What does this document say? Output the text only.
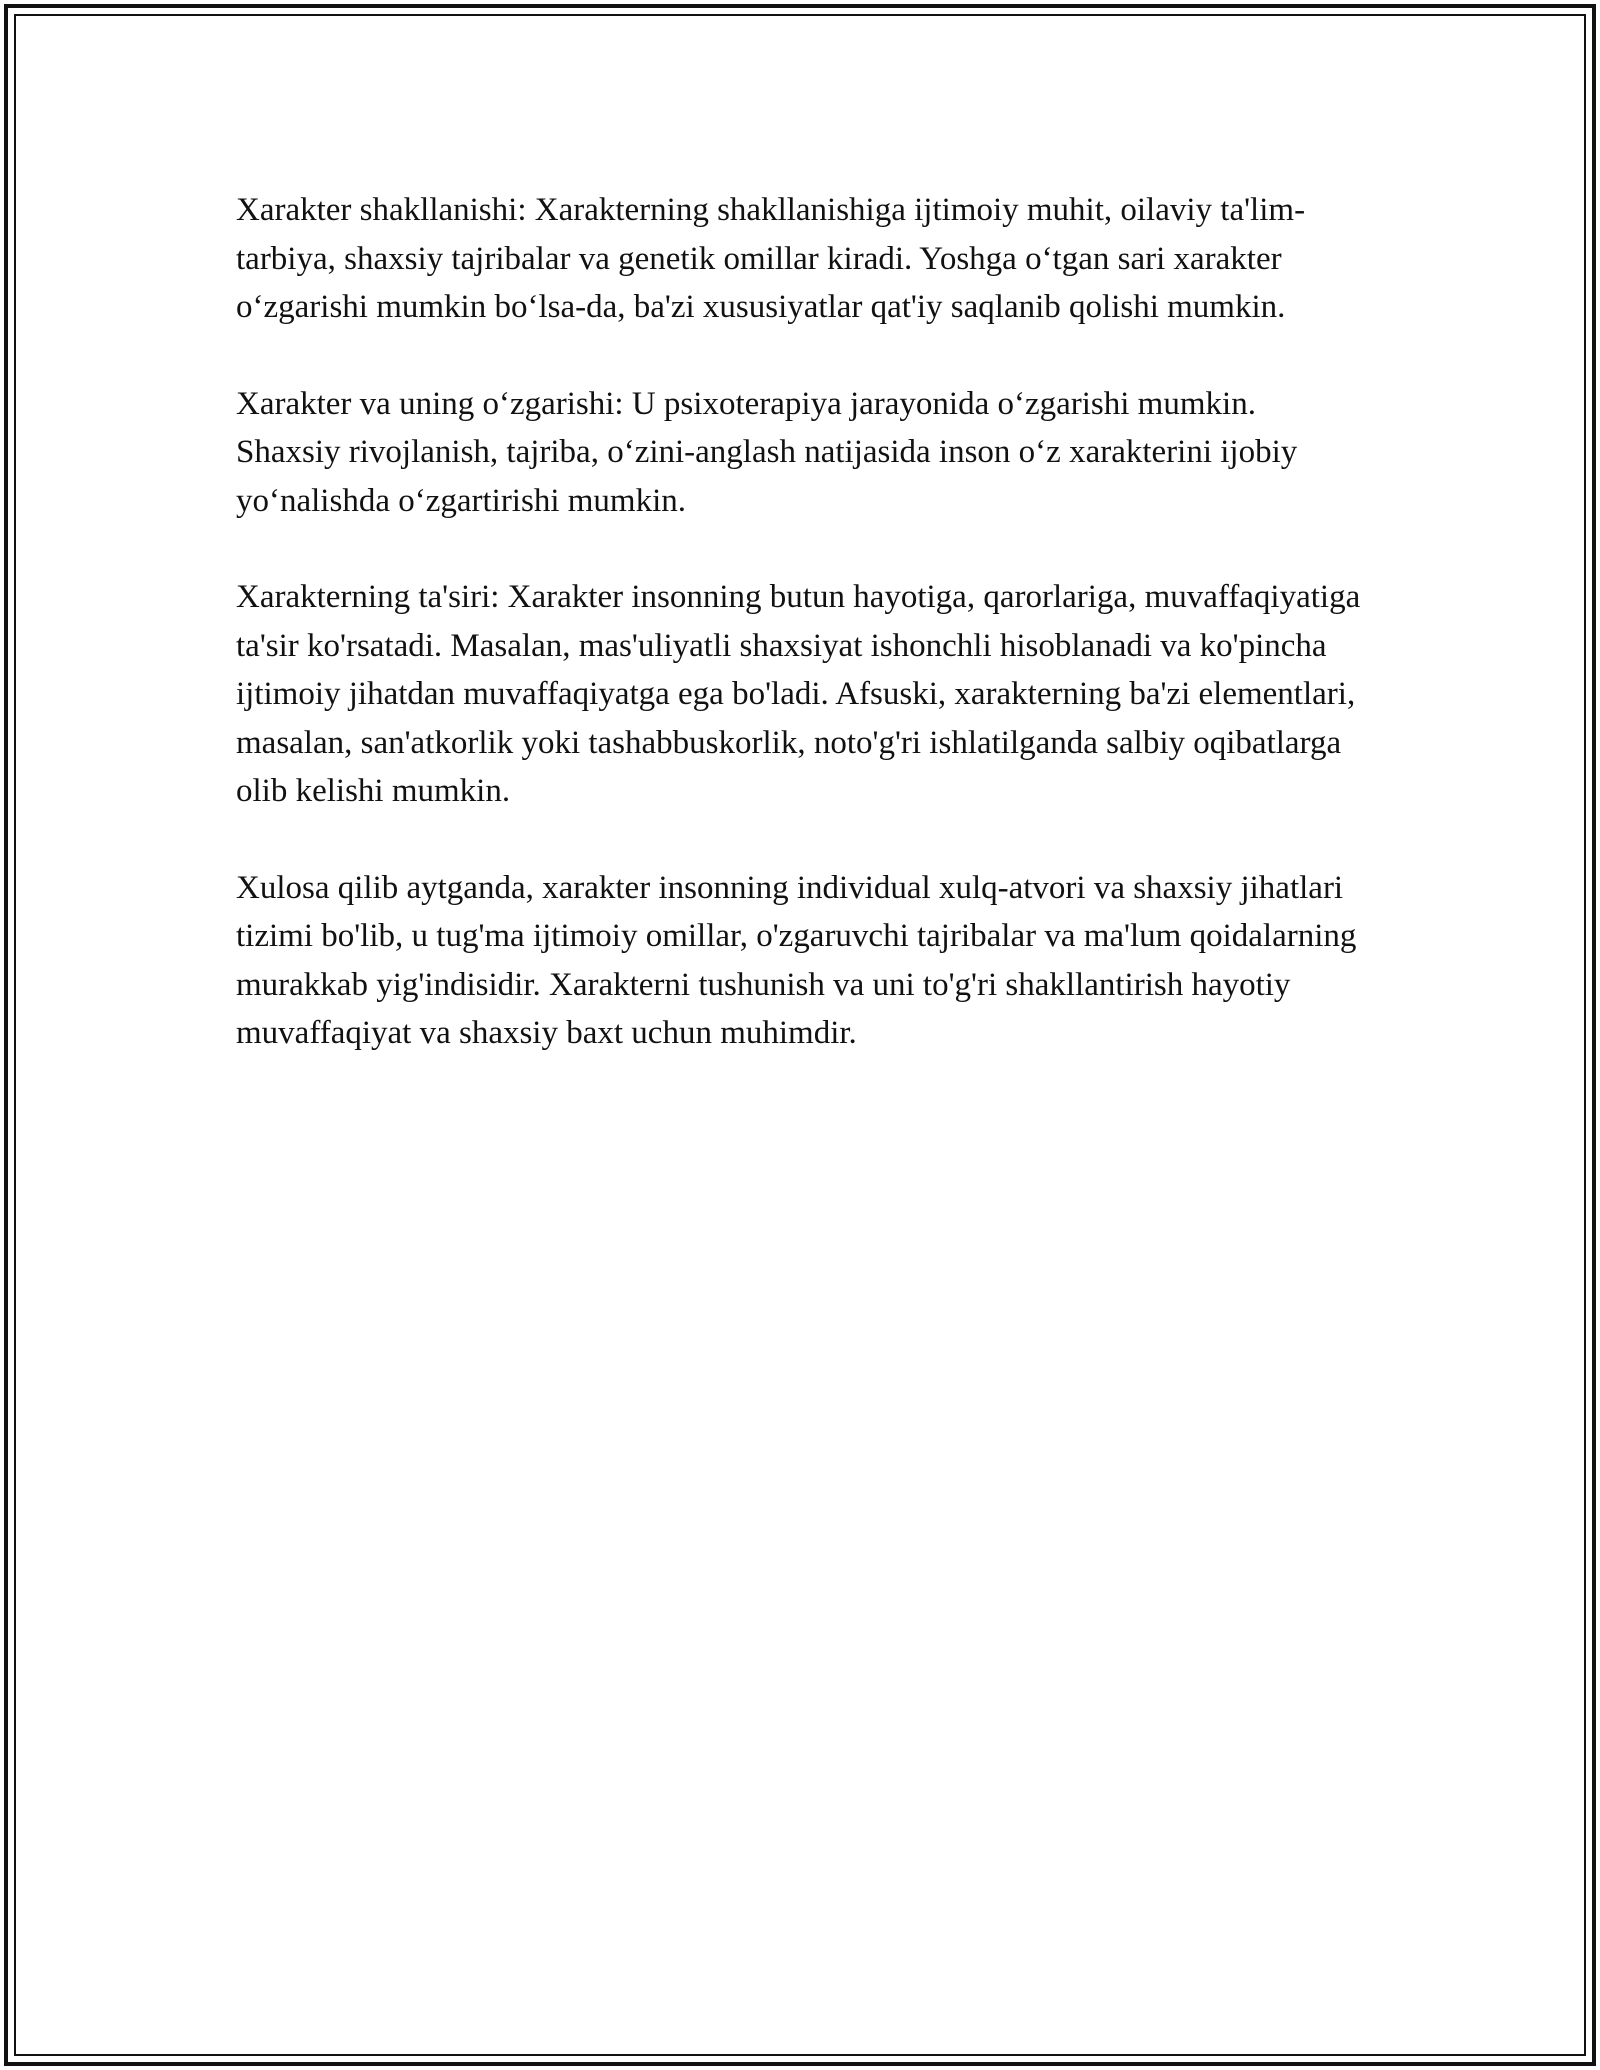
Xarakter shakllanishi: Xarakterning shakllanishiga ijtimoiy muhit, oilaviy ta'lim-tarbiya, shaxsiy tajribalar va genetik omillar kiradi. Yoshga o‘tgan sari xarakter o‘zgarishi mumkin bo‘lsa-da, ba'zi xususiyatlar qat'iy saqlanib qolishi mumkin.

Xarakter va uning o‘zgarishi: U psixoterapiya jarayonida o‘zgarishi mumkin. Shaxsiy rivojlanish, tajriba, o‘zini-anglash natijasida inson o‘z xarakterini ijobiy yo‘nalishda o‘zgartirishi mumkin.

Xarakterning ta'siri: Xarakter insonning butun hayotiga, qarorlariga, muvaffaqiyatiga ta'sir ko'rsatadi. Masalan, mas'uliyatli shaxsiyat ishonchli hisoblanadi va ko'pincha ijtimoiy jihatdan muvaffaqiyatga ega bo'ladi. Afsuski, xarakterning ba'zi elementlari, masalan, san'atkorlik yoki tashabbuskorlik, noto'g'ri ishlatilganda salbiy oqibatlarga olib kelishi mumkin.

Xulosa qilib aytganda, xarakter insonning individual xulq-atvori va shaxsiy jihatlari tizimi bo'lib, u tug'ma ijtimoiy omillar, o'zgaruvchi tajribalar va ma'lum qoidalarning murakkab yig'indisidir. Xarakterni tushunish va uni to'g'ri shakllantirish hayotiy muvaffaqiyat va shaxsiy baxt uchun muhimdir.
